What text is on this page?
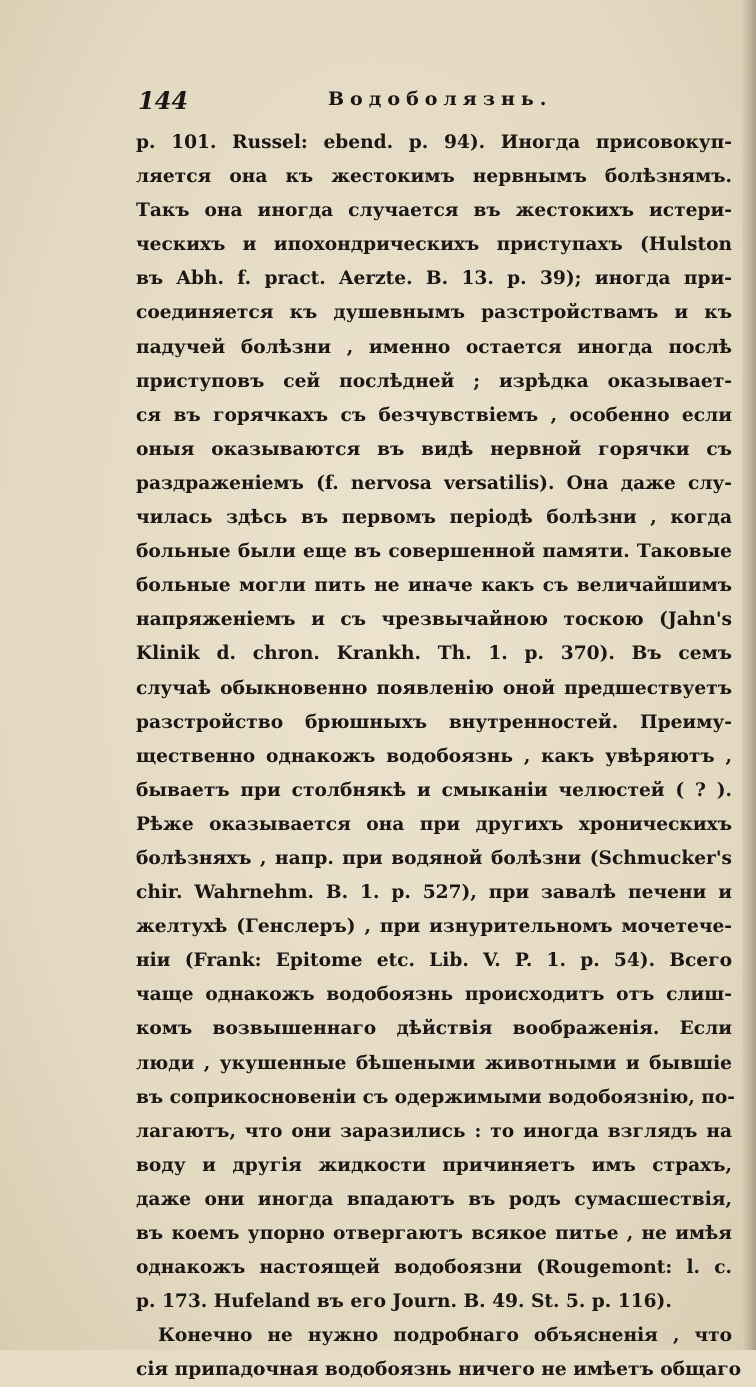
144	Водоболязнь.
p. 101. Russel: ebend. p. 94). Иногда присовокуп-
ляется она къ жестокимъ нервнымъ болѣзнямъ.
Такъ она иногда случается въ жестокихъ истери-
ческихъ и ипохондрическихъ приступахъ (Hulston
въ Abh. f. pract. Aerzte. B. 13. p. 39); иногда при-
соединяется къ душевнымъ разстройствамъ и къ
падучей болѣзни , именно остается иногда послѣ
приступовъ сей послѣдней ; изрѣдка оказывает-
ся въ горячкахъ съ безчувствіемъ , особенно если
оныя оказываются въ видѣ нервной горячки съ
раздраженіемъ (f. nervosa versatilis). Она даже слу-
чилась здѣсь въ первомъ періодѣ болѣзни , когда
больные были еще въ совершенной памяти. Таковые
больные могли пить не иначе какъ съ величайшимъ
напряженіемъ и съ чрезвычайною тоскою (Jahn's
Klinik d. chron. Krankh. Th. 1. p. 370). Въ семъ
случаѣ обыкновенно появленію оной предшествуетъ
разстройство брюшныхъ внутренностей. Преиму-
щественно однакожъ водобоязнь , какъ увѣряютъ ,
бываетъ при столбнякѣ и смыканіи челюстей ( ? ).
Рѣже оказывается она при другихъ хроническихъ
болѣзняхъ , напр. при водяной болѣзни (Schmucker's
chir. Wahrnehm. B. 1. p. 527), при завалѣ печени и
желтухѣ (Генслеръ) , при изнурительномъ мочетече-
ніи (Frank: Epitome etc. Lib. V. P. 1. p. 54). Всего
чаще однакожъ водобоязнь происходитъ отъ слиш-
комъ возвышеннаго дѣйствія воображенія. Если
люди , укушенные бѣшеными животными и бывшіе
въ соприкосновеніи съ одержимыми водобоязнію, по-
лагаютъ, что они заразились : то иногда взглядъ на
воду и другія жидкости причиняетъ имъ страхъ,
даже они иногда впадаютъ въ родъ сумасшествія,
въ коемъ упорно отвергаютъ всякое питье , не имѣя
однакожъ настоящей водобоязни (Rougemont: l. c.
p. 173. Hufeland въ его Journ. B. 49. St. 5. p. 116).
Конечно не нужно подробнаго объясненія , что
сія припадочная водобоязнь ничего не имѣетъ общаго
